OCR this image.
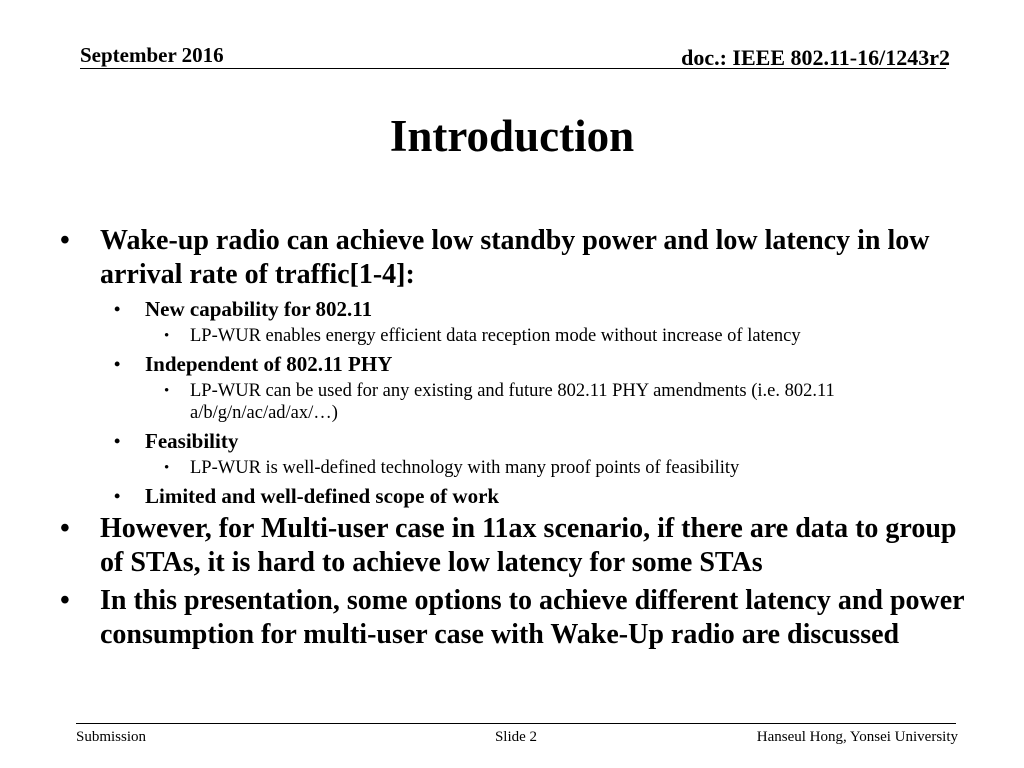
September 2016	doc.: IEEE 802.11-16/1243r2
Introduction
• Wake-up radio can achieve low standby power and low latency in low arrival rate of traffic[1-4]:
• New capability for 802.11
• LP-WUR enables energy efficient data reception mode without increase of latency
• Independent of 802.11 PHY
• LP-WUR can be used for any existing and future 802.11 PHY amendments (i.e. 802.11 a/b/g/n/ac/ad/ax/…)
• Feasibility
• LP-WUR is well-defined technology with many proof points of feasibility
• Limited and well-defined scope of work
• However, for Multi-user case in 11ax scenario, if there are data to group of STAs, it is hard to achieve low latency for some STAs
• In this presentation, some options to achieve different latency and power consumption for multi-user case with Wake-Up radio are discussed
Submission	Slide 2	Hanseul Hong, Yonsei University
